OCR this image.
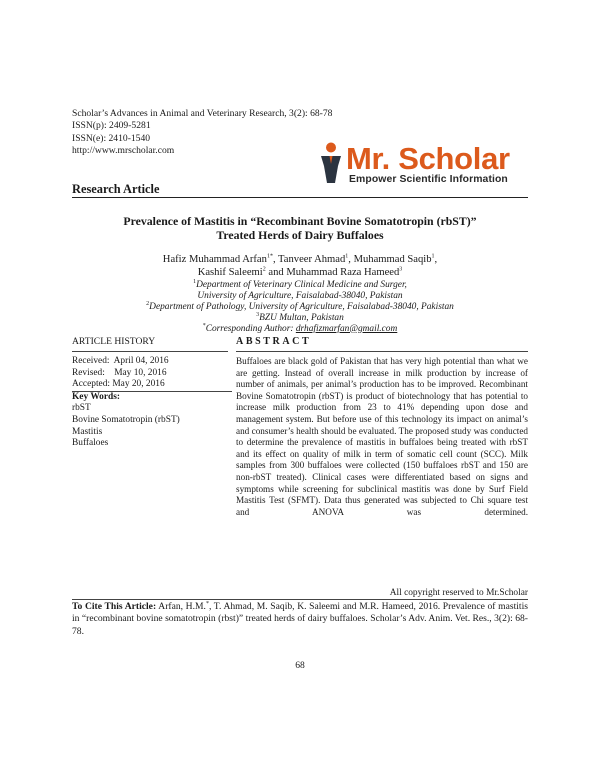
Scholar’s Advances in Animal and Veterinary Research, 3(2): 68-78
ISSN(p): 2409-5281
ISSN(e): 2410-1540
http://www.mrscholar.com	Mr. Scholar
Empower Scientific Information
Research Article
Prevalence of Mastitis in “Recombinant Bovine Somatotropin (rbST)”
Treated Herds of Dairy Buffaloes
Hafiz Muhammad Arfan$^{1*}$, Tanveer Ahmad$^1$, Muhammad Saqib$^1$,
Kashif Saleemi$^2$ and Muhammad Raza Hameed$^3$
$^1$Department of Veterinary Clinical Medicine and Surger,
University of Agriculture, Faisalabad-38040, Pakistan
$^2$Department of Pathology, University of Agriculture, Faisalabad-38040, Pakistan
$^3$BZU Multan, Pakistan
*Corresponding Author: drhafizmarfan@gmail.com
ARTICLE HISTORY
Received: April 04, 2016
Revised: May 10, 2016
Accepted: May 20, 2016
Key Words:
rbST
Bovine Somatotropin (rbST)
Mastitis
Buffaloes
ABSTRACT
Buffaloes are black gold of Pakistan that has very high potential than what we are getting. Instead of overall increase in milk production by increase of number of animals, per animal’s production has to be improved. Recombinant Bovine Somatotropin (rbST) is product of biotechnology that has potential to increase milk production from 23 to 41% depending upon dose and management system. But before use of this technology its impact on animal’s and consumer’s health should be evaluated. The proposed study was conducted to determine the prevalence of mastitis in buffaloes being treated with rbST and its effect on quality of milk in term of somatic cell count (SCC). Milk samples from 300 buffaloes were collected (150 buffaloes rbST and 150 are non-rbST treated). Clinical cases were differentiated based on signs and symptoms while screening for subclinical mastitis was done by Surf Field Mastitis Test (SFMT). Data thus generated was subjected to Chi square test and ANOVA was determined.
All copyright reserved to Mr.Scholar
To Cite This Article: Arfan, H.M.*, T. Ahmad, M. Saqib, K. Saleemi and M.R. Hameed, 2016. Prevalence of mastitis in “recombinant bovine somatotropin (rbst)” treated herds of dairy buffaloes. Scholar’s Adv. Anim. Vet. Res., 3(2): 68-78.
68
